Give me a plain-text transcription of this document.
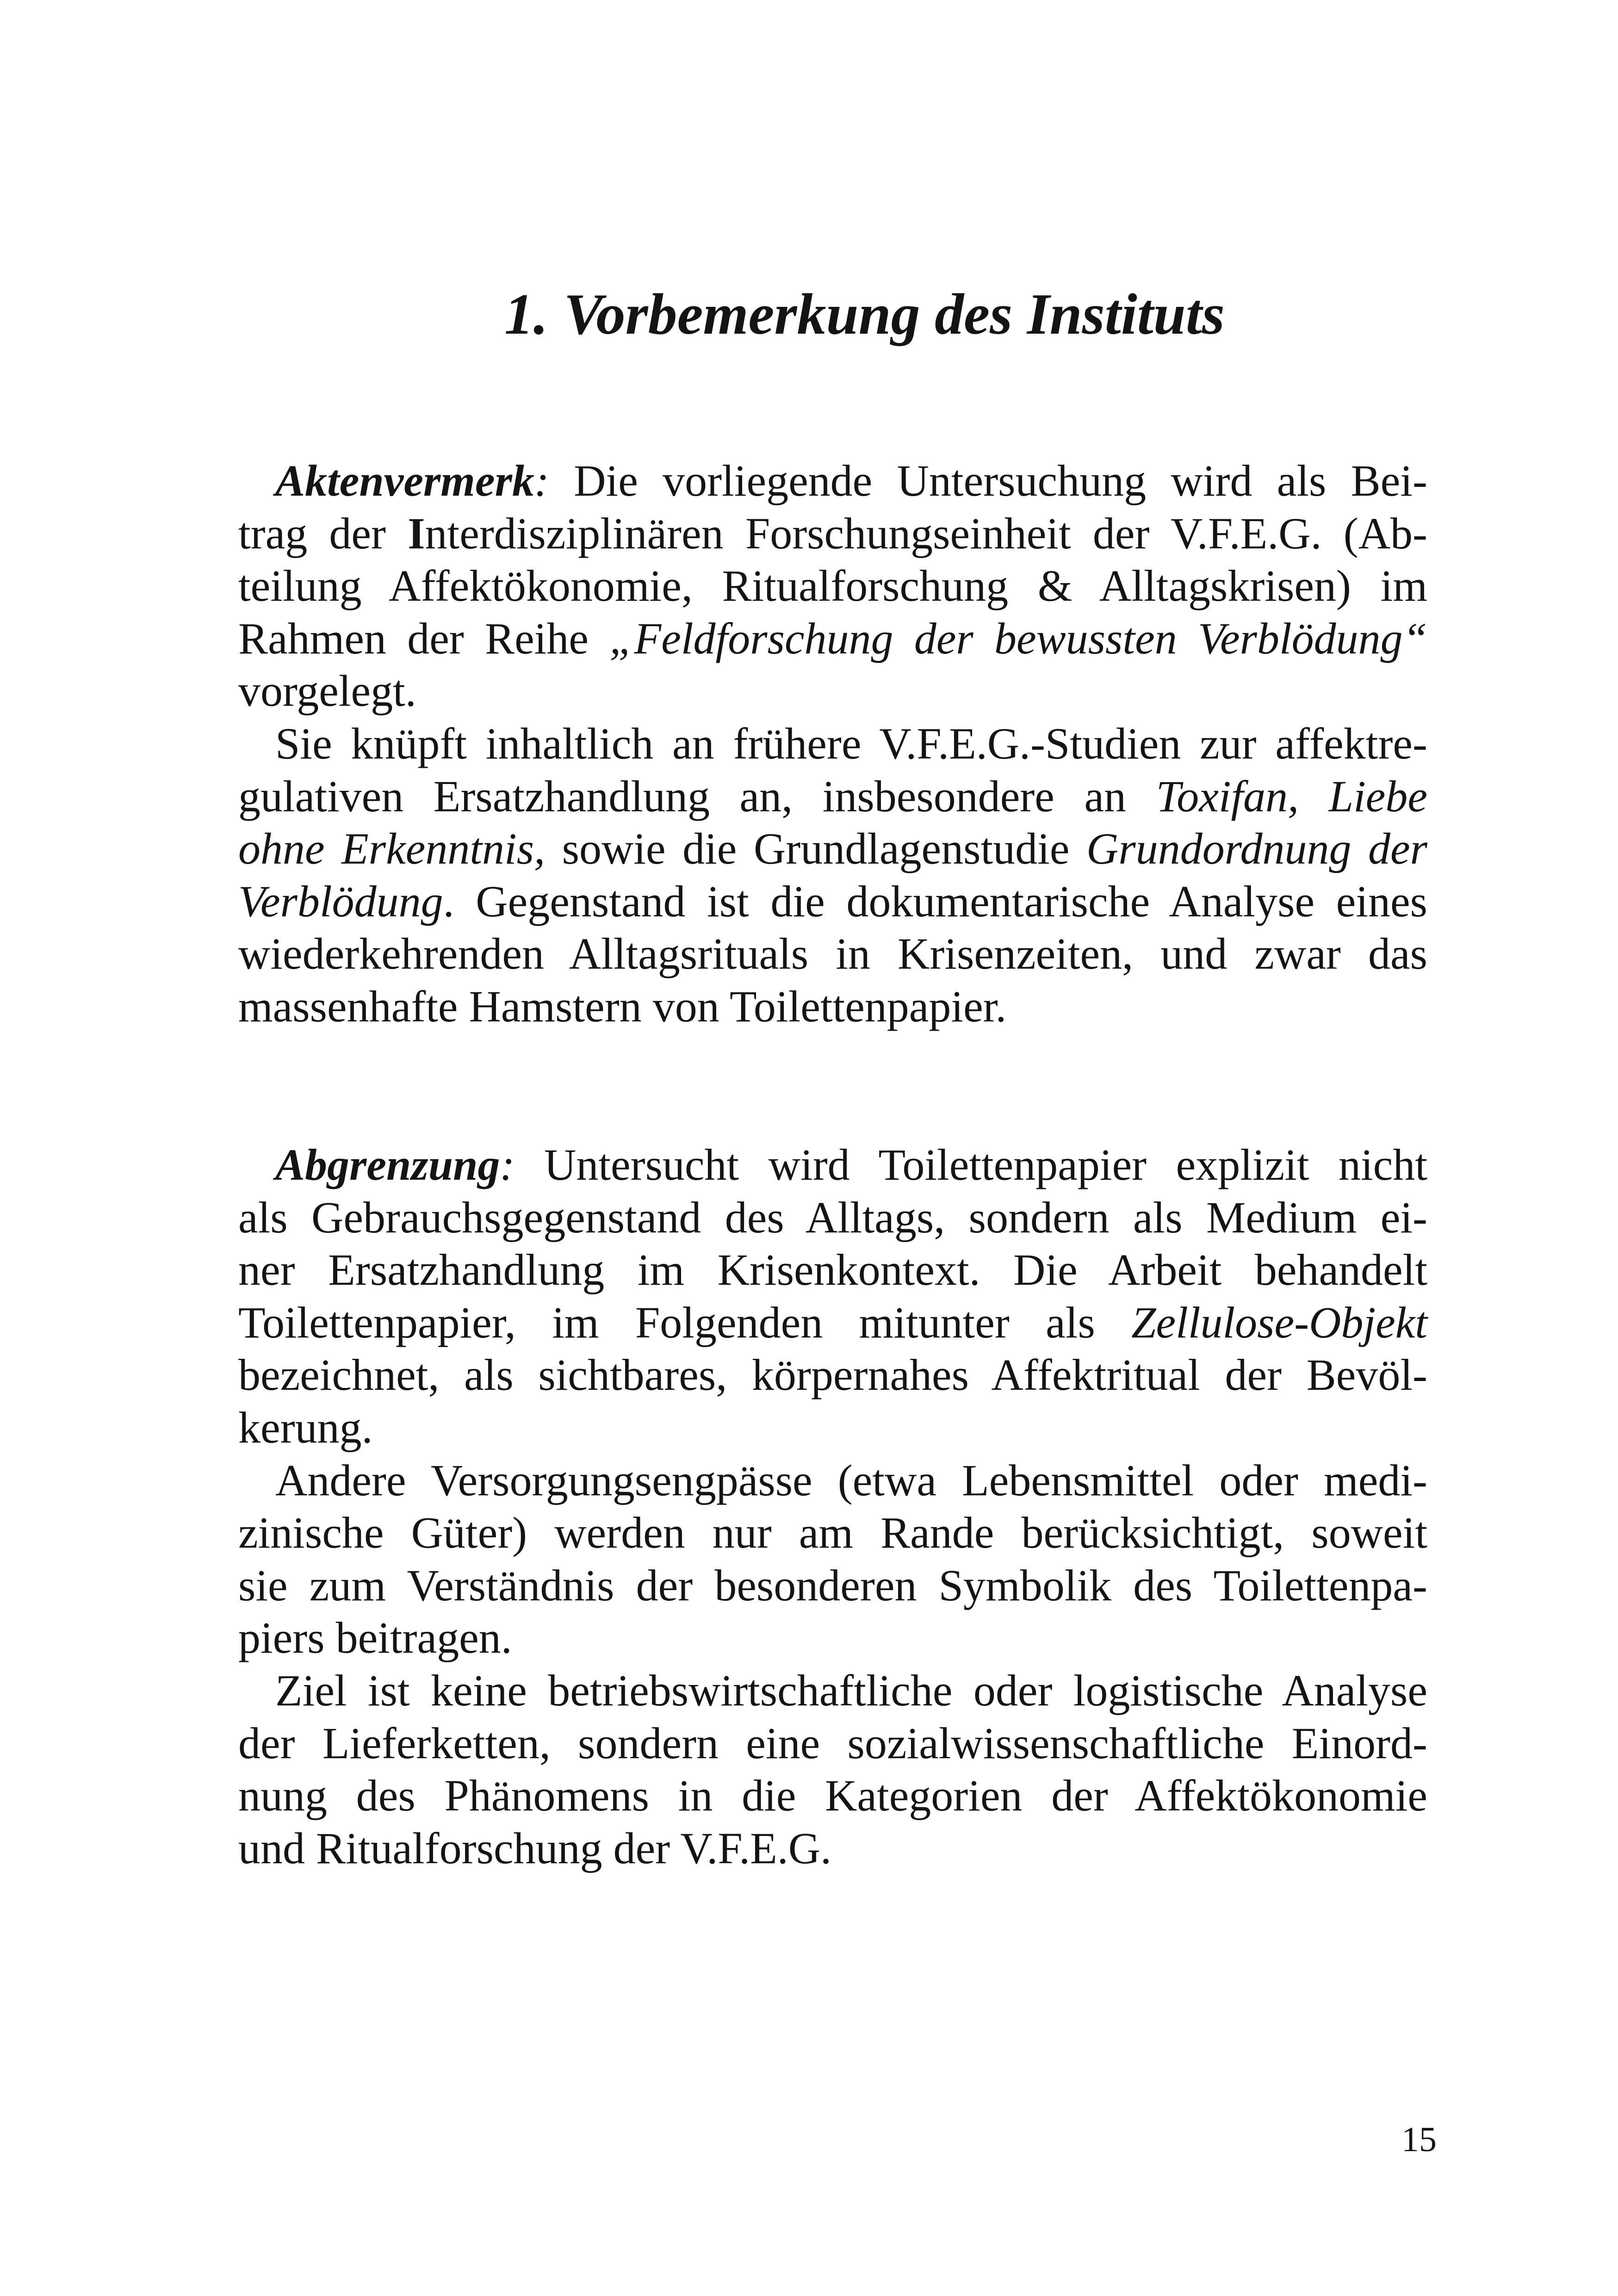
1. Vorbemerkung des Instituts
Aktenvermerk: Die vorliegende Untersuchung wird als Bei-
trag der Interdisziplinären Forschungseinheit der V.F.E.G. (Ab-
teilung Affektökonomie, Ritualforschung & Alltagskrisen) im
Rahmen der Reihe „Feldforschung der bewussten Verblödung“
vorgelegt.
Sie knüpft inhaltlich an frühere V.F.E.G.-Studien zur affektre-
gulativen Ersatzhandlung an, insbesondere an Toxifan, Liebe
ohne Erkenntnis, sowie die Grundlagenstudie Grundordnung der
Verblödung. Gegenstand ist die dokumentarische Analyse eines
wiederkehrenden Alltagsrituals in Krisenzeiten, und zwar das
massenhafte Hamstern von Toilettenpapier.
Abgrenzung: Untersucht wird Toilettenpapier explizit nicht
als Gebrauchsgegenstand des Alltags, sondern als Medium ei-
ner Ersatzhandlung im Krisenkontext. Die Arbeit behandelt
Toilettenpapier, im Folgenden mitunter als Zellulose-Objekt
bezeichnet, als sichtbares, körpernahes Affektritual der Bevöl-
kerung.
Andere Versorgungsengpässe (etwa Lebensmittel oder medi-
zinische Güter) werden nur am Rande berücksichtigt, soweit
sie zum Verständnis der besonderen Symbolik des Toilettenpa-
piers beitragen.
Ziel ist keine betriebswirtschaftliche oder logistische Analyse
der Lieferketten, sondern eine sozialwissenschaftliche Einord-
nung des Phänomens in die Kategorien der Affektökonomie
und Ritualforschung der V.F.E.G.
15
